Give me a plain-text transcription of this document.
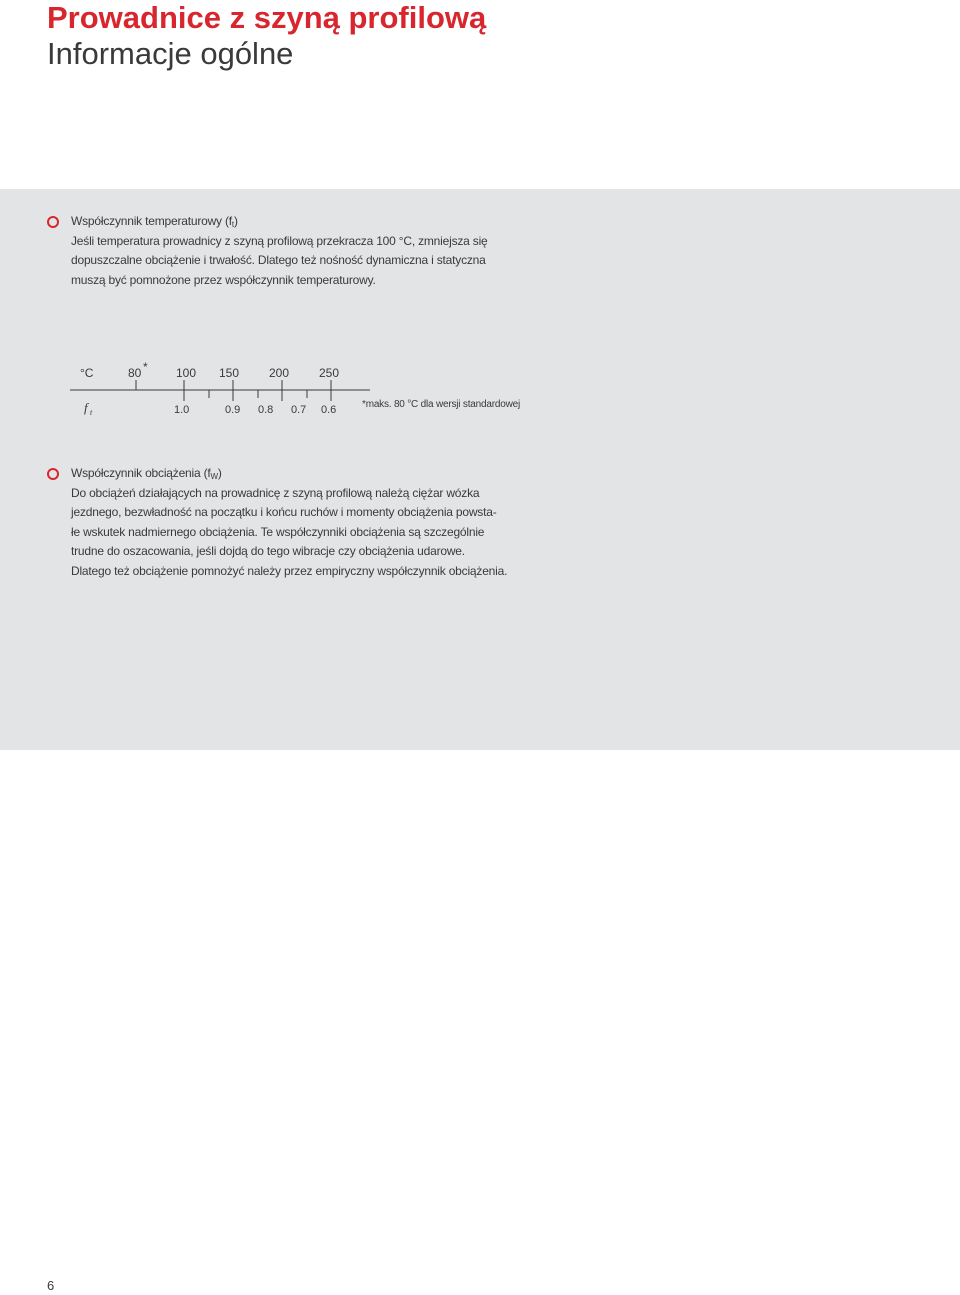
Prowadnice z szyną profilową
Informacje ogólne
Współczynnik temperaturowy $(f_t)$
Jeśli temperatura prowadnicy z szyną profilową przekracza 100 °C, zmniejsza się
dopuszczalne obciążenie i trwałość. Dlatego też nośność dynamiczna i statyczna
muszą być pomnożone przez współczynnik temperaturowy.
°C	80 * 100 150 200 250
f t	1.0	0.9 0.8 0.7 0.6	*maks. 80 °C dla wersji standardowej
Współczynnik obciążenia $(f_W)$
Do obciążeń działających na prowadnicę z szyną profilową należą ciężar wózka
jezdnego, bezwładność na początku i końcu ruchów i momenty obciążenia powsta-
łe wskutek nadmiernego obciążenia. Te współczynniki obciążenia są szczególnie
trudne do oszacowania, jeśli dojdą do tego wibracje czy obciążenia udarowe.
Dlatego też obciążenie pomnożyć należy przez empiryczny współczynnik obciążenia.
6
